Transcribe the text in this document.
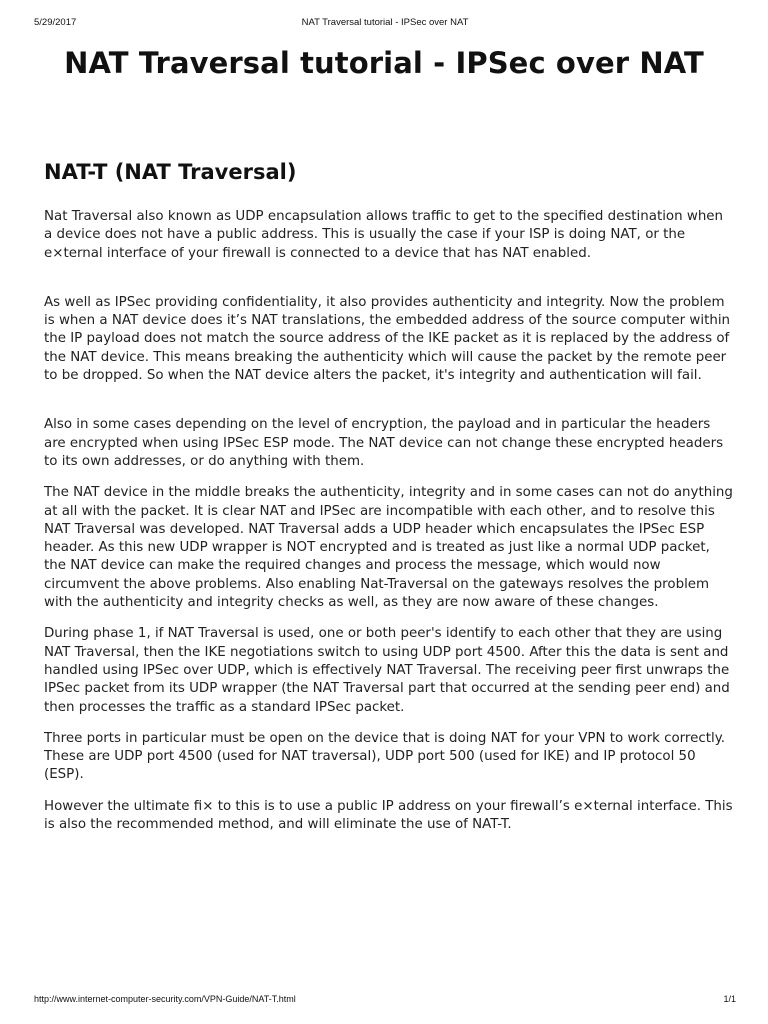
5/29/2017	NAT Traversal tutorial - IPSec over NAT
NAT Traversal tutorial - IPSec over NAT
NAT-T (NAT Traversal)

Nat Traversal also known as UDP encapsulation allows traffic to get to the specified destination when a device does not have a public address. This is usually the case if your ISP is doing NAT, or the e×ternal interface of your firewall is connected to a device that has NAT enabled.

As well as IPSec providing confidentiality, it also provides authenticity and integrity. Now the problem is when a NAT device does it’s NAT translations, the embedded address of the source computer within the IP payload does not match the source address of the IKE packet as it is replaced by the address of the NAT device. This means breaking the authenticity which will cause the packet by the remote peer to be dropped. So when the NAT device alters the packet, it's integrity and authentication will fail.

Also in some cases depending on the level of encryption, the payload and in particular the headers are encrypted when using IPSec ESP mode. The NAT device can not change these encrypted headers to its own addresses, or do anything with them.

The NAT device in the middle breaks the authenticity, integrity and in some cases can not do anything at all with the packet. It is clear NAT and IPSec are incompatible with each other, and to resolve this NAT Traversal was developed. NAT Traversal adds a UDP header which encapsulates the IPSec ESP header. As this new UDP wrapper is NOT encrypted and is treated as just like a normal UDP packet, the NAT device can make the required changes and process the message, which would now circumvent the above problems. Also enabling Nat-Traversal on the gateways resolves the problem with the authenticity and integrity checks as well, as they are now aware of these changes.

During phase 1, if NAT Traversal is used, one or both peer's identify to each other that they are using NAT Traversal, then the IKE negotiations switch to using UDP port 4500. After this the data is sent and handled using IPSec over UDP, which is effectively NAT Traversal. The receiving peer first unwraps the IPSec packet from its UDP wrapper (the NAT Traversal part that occurred at the sending peer end) and then processes the traffic as a standard IPSec packet.

Three ports in particular must be open on the device that is doing NAT for your VPN to work correctly. These are UDP port 4500 (used for NAT traversal), UDP port 500 (used for IKE) and IP protocol 50 (ESP).

However the ultimate fi× to this is to use a public IP address on your firewall’s e×ternal interface. This is also the recommended method, and will eliminate the use of NAT-T.

http://www.internet-computer-security.com/VPN-Guide/NAT-T.html	1/1
